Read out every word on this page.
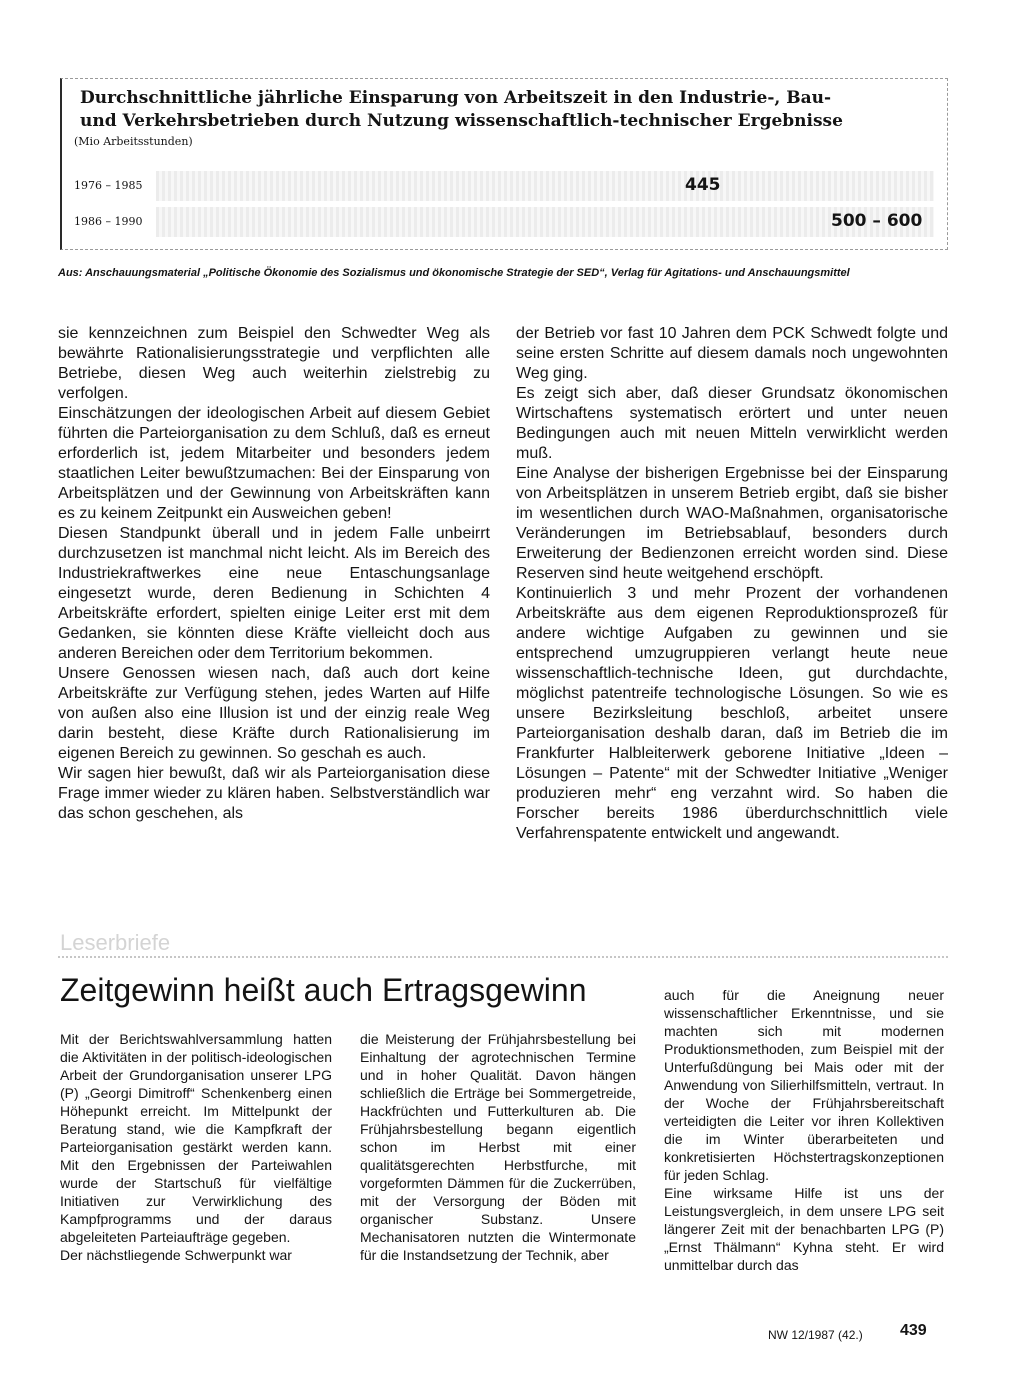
Durchschnittliche jährliche Einsparung von Arbeitszeit in den Industrie-, Bau-
und Verkehrsbetrieben durch Nutzung wissenschaftlich-technischer Ergebnisse
(Mio Arbeitsstunden)
1976 – 1985	445
1986 – 1990	500 – 600
Aus: Anschauungsmaterial „Politische Ökonomie des Sozialismus und ökonomische Strategie der SED“, Verlag für Agitations- und Anschauungsmittel

sie kennzeichnen zum Beispiel den Schwedter Weg als bewährte Rationalisierungsstrategie und verpflichten alle Betriebe, diesen Weg auch weiterhin zielstrebig zu verfolgen.

Einschätzungen der ideologischen Arbeit auf diesem Gebiet führten die Parteiorganisation zu dem Schluß, daß es erneut erforderlich ist, jedem Mitarbeiter und besonders jedem staatlichen Leiter bewußtzumachen: Bei der Einsparung von Arbeitsplätzen und der Gewinnung von Arbeitskräften kann es zu keinem Zeitpunkt ein Ausweichen geben!

Diesen Standpunkt überall und in jedem Falle unbeirrt durchzusetzen ist manchmal nicht leicht. Als im Bereich des Industriekraftwerkes eine neue Entaschungsanlage eingesetzt wurde, deren Bedienung in Schichten 4 Arbeitskräfte erfordert, spielten einige Leiter erst mit dem Gedanken, sie könnten diese Kräfte vielleicht doch aus anderen Bereichen oder dem Territorium bekommen.

Unsere Genossen wiesen nach, daß auch dort keine Arbeitskräfte zur Verfügung stehen, jedes Warten auf Hilfe von außen also eine Illusion ist und der einzig reale Weg darin besteht, diese Kräfte durch Rationalisierung im eigenen Bereich zu gewinnen. So geschah es auch.

Wir sagen hier bewußt, daß wir als Parteiorganisation diese Frage immer wieder zu klären haben. Selbstverständlich war das schon geschehen, als

der Betrieb vor fast 10 Jahren dem PCK Schwedt folgte und seine ersten Schritte auf diesem damals noch ungewohnten Weg ging.

Es zeigt sich aber, daß dieser Grundsatz ökonomischen Wirtschaftens systematisch erörtert und unter neuen Bedingungen auch mit neuen Mitteln verwirklicht werden muß.

Eine Analyse der bisherigen Ergebnisse bei der Einsparung von Arbeitsplätzen in unserem Betrieb ergibt, daß sie bisher im wesentlichen durch WAO-Maßnahmen, organisatorische Veränderungen im Betriebsablauf, besonders durch Erweiterung der Bedienzonen erreicht worden sind. Diese Reserven sind heute weitgehend erschöpft.

Kontinuierlich 3 und mehr Prozent der vorhandenen Arbeitskräfte aus dem eigenen Reproduktionsprozeß für andere wichtige Aufgaben zu gewinnen und sie entsprechend umzugruppieren verlangt heute neue wissenschaftlich-technische Ideen, gut durchdachte, möglichst patentreife technologische Lösungen. So wie es unsere Bezirksleitung beschloß, arbeitet unsere Parteiorganisation deshalb daran, daß im Betrieb die im Frankfurter Halbleiterwerk geborene Initiative „Ideen – Lösungen – Patente“ mit der Schwedter Initiative „Weniger produzieren mehr“ eng verzahnt wird. So haben die Forscher bereits 1986 überdurchschnittlich viele Verfahrenspatente entwickelt und angewandt.

Leserbriefe
Zeitgewinn heißt auch Ertragsgewinn

Mit der Berichtswahlversammlung hatten die Aktivitäten in der politisch-ideologischen Arbeit der Grundorganisation unserer LPG (P) „Georgi Dimitroff“ Schenkenberg einen Höhepunkt erreicht. Im Mittelpunkt der Beratung stand, wie die Kampfkraft der Parteiorganisation gestärkt werden kann. Mit den Ergebnissen der Parteiwahlen wurde der Startschuß für vielfältige Initiativen zur Verwirklichung des Kampfprogramms und der daraus abgeleiteten Parteiaufträge gegeben.

Der nächstliegende Schwerpunkt war

die Meisterung der Frühjahrsbestellung bei Einhaltung der agrotechnischen Termine und in hoher Qualität. Davon hängen schließlich die Erträge bei Sommergetreide, Hackfrüchten und Futterkulturen ab. Die Frühjahrsbestellung begann eigentlich schon im Herbst mit einer qualitätsgerechten Herbstfurche, mit vorgeformten Dämmen für die Zuckerrüben, mit der Versorgung der Böden mit organischer Substanz. Unsere Mechanisatoren nutzten die Wintermonate für die Instandsetzung der Technik, aber

auch für die Aneignung neuer wissenschaftlicher Erkenntnisse, und sie machten sich mit modernen Produktionsmethoden, zum Beispiel mit der Unterfußdüngung bei Mais oder mit der Anwendung von Silierhilfsmitteln, vertraut. In der Woche der Frühjahrsbereitschaft verteidigten die Leiter vor ihren Kollektiven die im Winter überarbeiteten und konkretisierten Höchstertragskonzeptionen für jeden Schlag.

Eine wirksame Hilfe ist uns der Leistungsvergleich, in dem unsere LPG seit längerer Zeit mit der benachbarten LPG (P) „Ernst Thälmann“ Kyhna steht. Er wird unmittelbar durch das

NW 12/1987 (42.) 439
